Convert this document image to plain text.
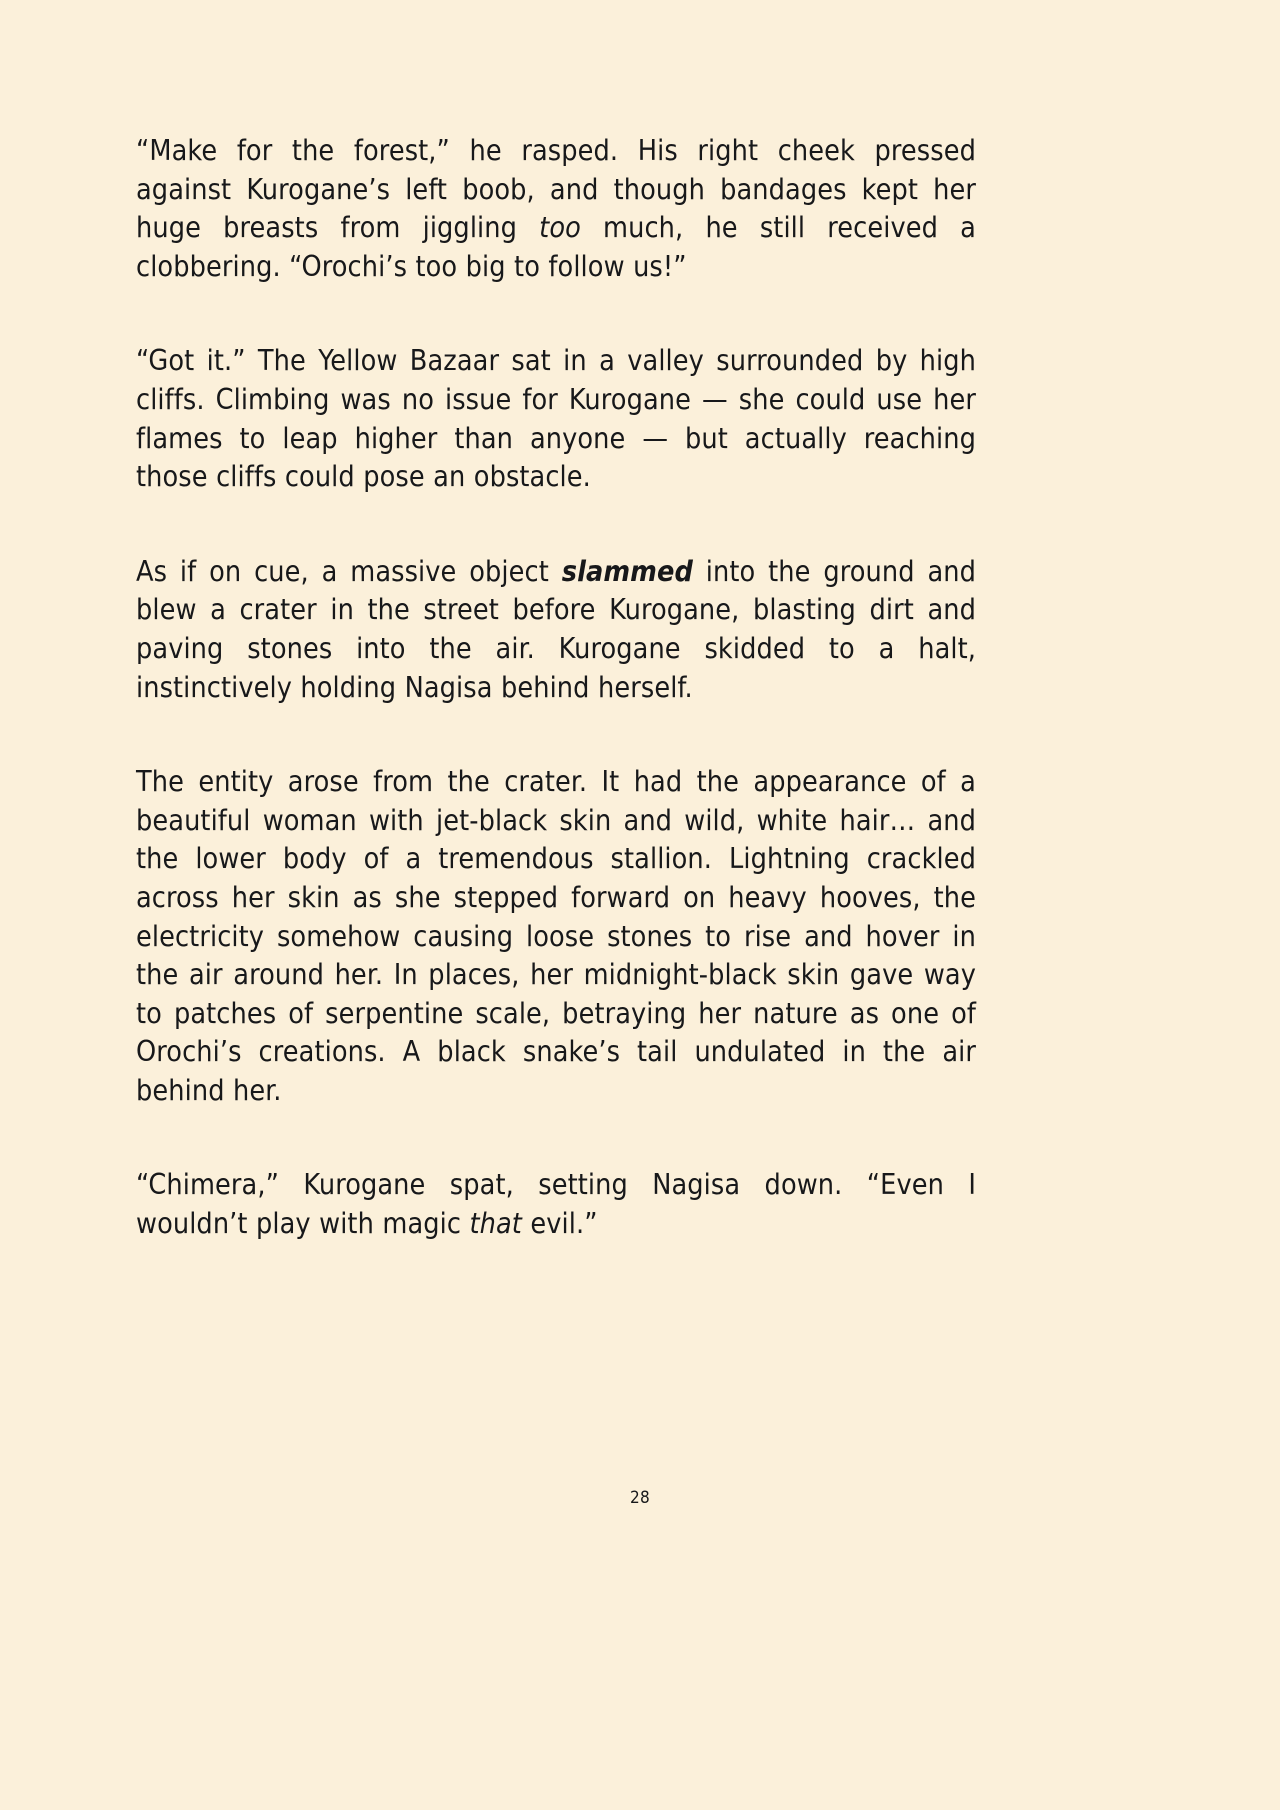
“Make for the forest,” he rasped. His right cheek pressed against Kurogane’s left boob, and though bandages kept her huge breasts from jiggling too much, he still received a clobbering. “Orochi’s too big to follow us!”

“Got it.” The Yellow Bazaar sat in a valley surrounded by high cliffs. Climbing was no issue for Kurogane — she could use her flames to leap higher than anyone — but actually reaching those cliffs could pose an obstacle.

As if on cue, a massive object slammed into the ground and blew a crater in the street before Kurogane, blasting dirt and paving stones into the air. Kurogane skidded to a halt, instinctively holding Nagisa behind herself.

The entity arose from the crater. It had the appearance of a beautiful woman with jet-black skin and wild, white hair… and the lower body of a tremendous stallion. Lightning crackled across her skin as she stepped forward on heavy hooves, the electricity somehow causing loose stones to rise and hover in the air around her. In places, her midnight-black skin gave way to patches of serpentine scale, betraying her nature as one of Orochi’s creations. A black snake’s tail undulated in the air behind her.

“Chimera,” Kurogane spat, setting Nagisa down. “Even I wouldn’t play with magic that evil.”

28
